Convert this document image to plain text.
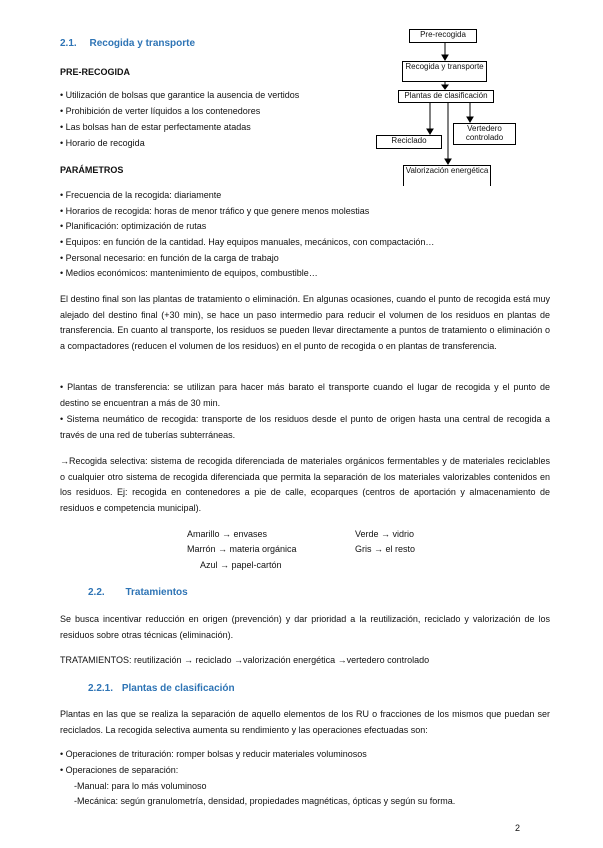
2.1. Recogida y transporte
PRE-RECOGIDA
• Utilización de bolsas que garantice la ausencia de vertidos
• Prohibición de verter líquidos a los contenedores
• Las bolsas han de estar perfectamente atadas
• Horario de recogida
Pre-recogida
Recogida y transporte
Plantas de clasificación
Vertedero controlado
Reciclado
Valorización energética
PARÁMETROS
• Frecuencia de la recogida: diariamente
• Horarios de recogida: horas de menor tráfico y que genere menos molestias
• Planificación: optimización de rutas
• Equipos: en función de la cantidad. Hay equipos manuales, mecánicos, con compactación…
• Personal necesario: en función de la carga de trabajo
• Medios económicos: mantenimiento de equipos, combustible…
El destino final son las plantas de tratamiento o eliminación. En algunas ocasiones, cuando el punto de recogida está muy alejado del destino final (+30 min), se hace un paso intermedio para reducir el volumen de los residuos en plantas de transferencia. En cuanto al transporte, los residuos se pueden llevar directamente a puntos de tratamiento o eliminación o a compactadores (reducen el volumen de los residuos) en el punto de recogida o en plantas de transferencia.
• Plantas de transferencia: se utilizan para hacer más barato el transporte cuando el lugar de recogida y el punto de destino se encuentran a más de 30 min.
• Sistema neumático de recogida: transporte de los residuos desde el punto de origen hasta una central de recogida a través de una red de tuberías subterráneas.
→Recogida selectiva: sistema de recogida diferenciada de materiales orgánicos fermentables y de materiales reciclables o cualquier otro sistema de recogida diferenciada que permita la separación de los materiales valorizables contenidos en los residuos. Ej: recogida en contenedores a pie de calle, ecoparques (centros de aportación y almacenamiento de residuos e competencia municipal).
Amarillo → envases	Verde → vidrio
Marrón → materia orgánica	Gris → el resto
Azul → papel-cartón
2.2. Tratamientos
Se busca incentivar reducción en origen (prevención) y dar prioridad a la reutilización, reciclado y valorización de los residuos sobre otras técnicas (eliminación).
TRATAMIENTOS: reutilización → reciclado →valorización energética →vertedero controlado
2.2.1. Plantas de clasificación
Plantas en las que se realiza la separación de aquello elementos de los RU o fracciones de los mismos que puedan ser reciclados. La recogida selectiva aumenta su rendimiento y las operaciones efectuadas son:
• Operaciones de trituración: romper bolsas y reducir materiales voluminosos
• Operaciones de separación:
-Manual: para lo más voluminoso
-Mecánica: según granulometría, densidad, propiedades magnéticas, ópticas y según su forma.
2
